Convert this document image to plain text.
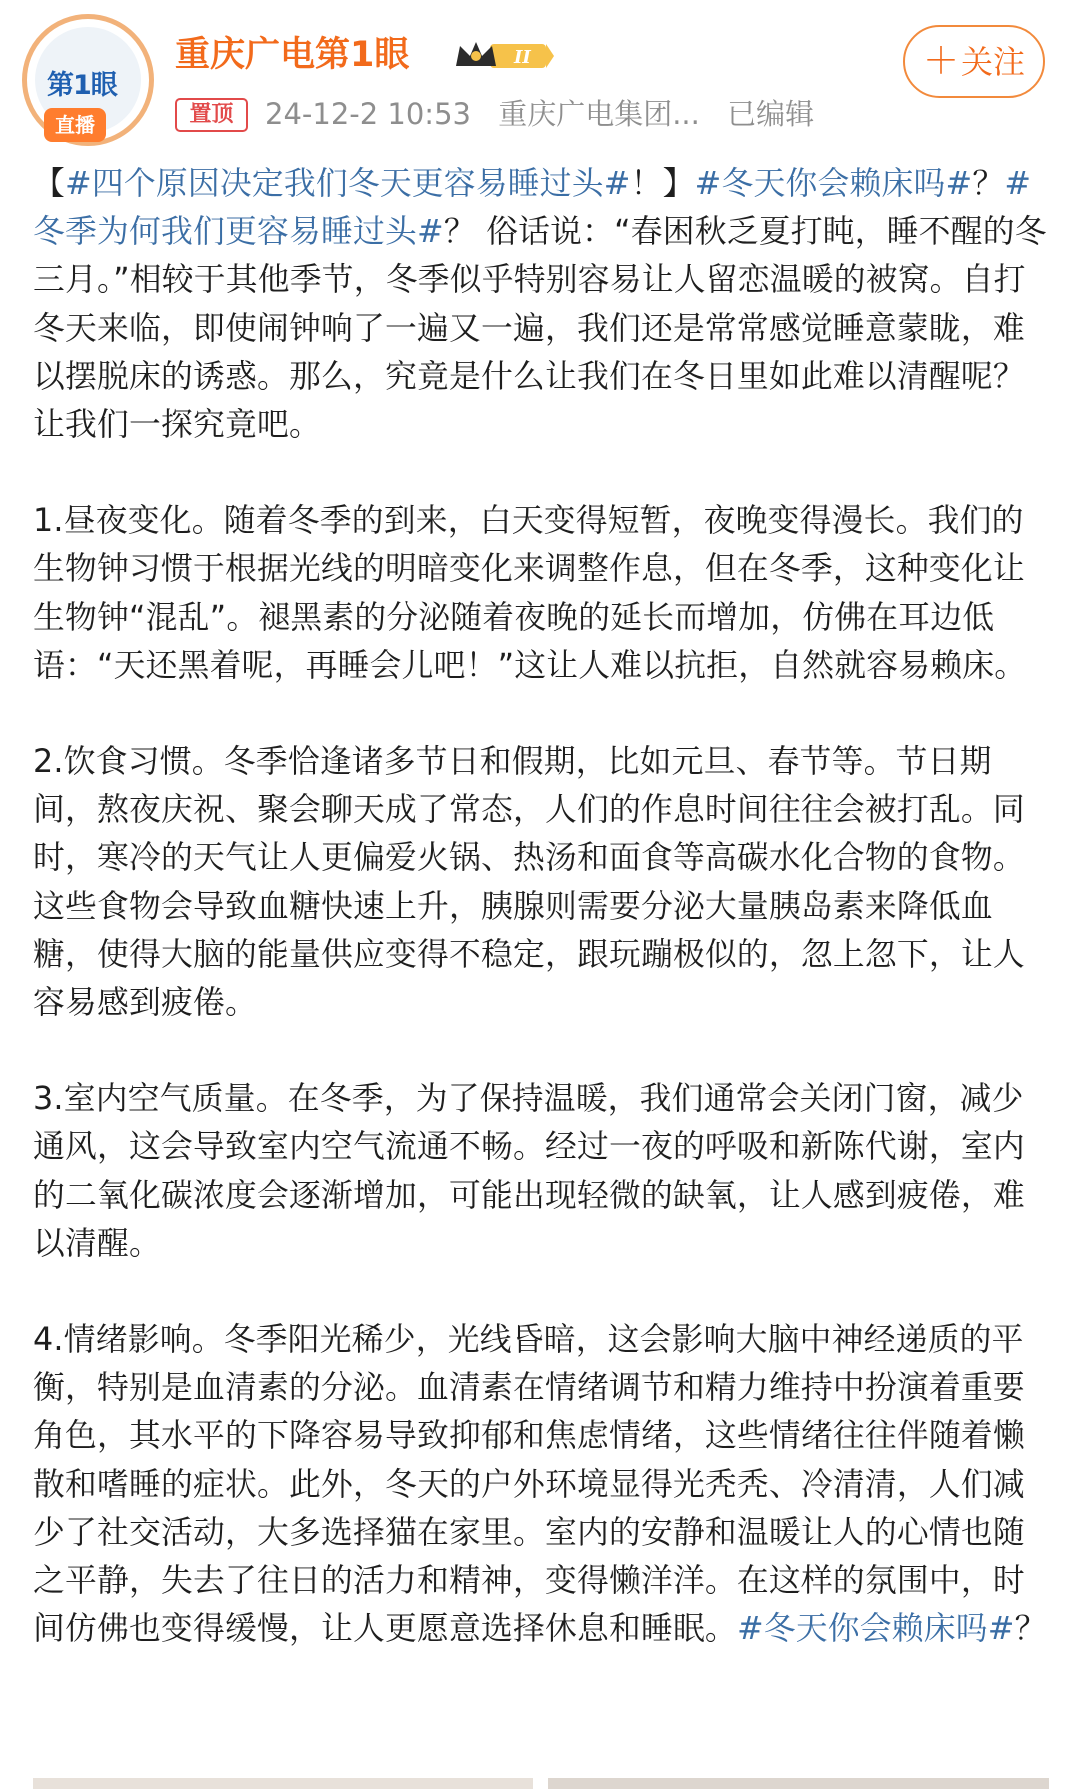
第1眼
直播
重庆广电第1眼	II
置顶	24-12-2 10:53 重庆广电集团... 已编辑
＋关注

【#四个原因决定我们冬天更容易睡过头#！】#冬天你会赖床吗#？#冬季为何我们更容易睡过头#？ 俗话说：“春困秋乏夏打盹，睡不醒的冬三月。”相较于其他季节，冬季似乎特别容易让人留恋温暖的被窝。自打冬天来临，即使闹钟响了一遍又一遍，我们还是常常感觉睡意蒙眬，难以摆脱床的诱惑。那么，究竟是什么让我们在冬日里如此难以清醒呢？让我们一探究竟吧。

1.昼夜变化。随着冬季的到来，白天变得短暂，夜晚变得漫长。我们的生物钟习惯于根据光线的明暗变化来调整作息，但在冬季，这种变化让生物钟“混乱”。褪黑素的分泌随着夜晚的延长而增加，仿佛在耳边低语：“天还黑着呢，再睡会儿吧！”这让人难以抗拒，自然就容易赖床。

2.饮食习惯。冬季恰逢诸多节日和假期，比如元旦、春节等。节日期间，熬夜庆祝、聚会聊天成了常态，人们的作息时间往往会被打乱。同时，寒冷的天气让人更偏爱火锅、热汤和面食等高碳水化合物的食物。这些食物会导致血糖快速上升，胰腺则需要分泌大量胰岛素来降低血糖，使得大脑的能量供应变得不稳定，跟玩蹦极似的，忽上忽下，让人容易感到疲倦。

3.室内空气质量。在冬季，为了保持温暖，我们通常会关闭门窗，减少通风，这会导致室内空气流通不畅。经过一夜的呼吸和新陈代谢，室内的二氧化碳浓度会逐渐增加，可能出现轻微的缺氧，让人感到疲倦，难以清醒。

4.情绪影响。冬季阳光稀少，光线昏暗，这会影响大脑中神经递质的平衡，特别是血清素的分泌。血清素在情绪调节和精力维持中扮演着重要角色，其水平的下降容易导致抑郁和焦虑情绪，这些情绪往往伴随着懒散和嗜睡的症状。此外，冬天的户外环境显得光秃秃、冷清清，人们减少了社交活动，大多选择猫在家里。室内的安静和温暖让人的心情也随之平静，失去了往日的活力和精神，变得懒洋洋。在这样的氛围中，时间仿佛也变得缓慢，让人更愿意选择休息和睡眠。#冬天你会赖床吗#？
